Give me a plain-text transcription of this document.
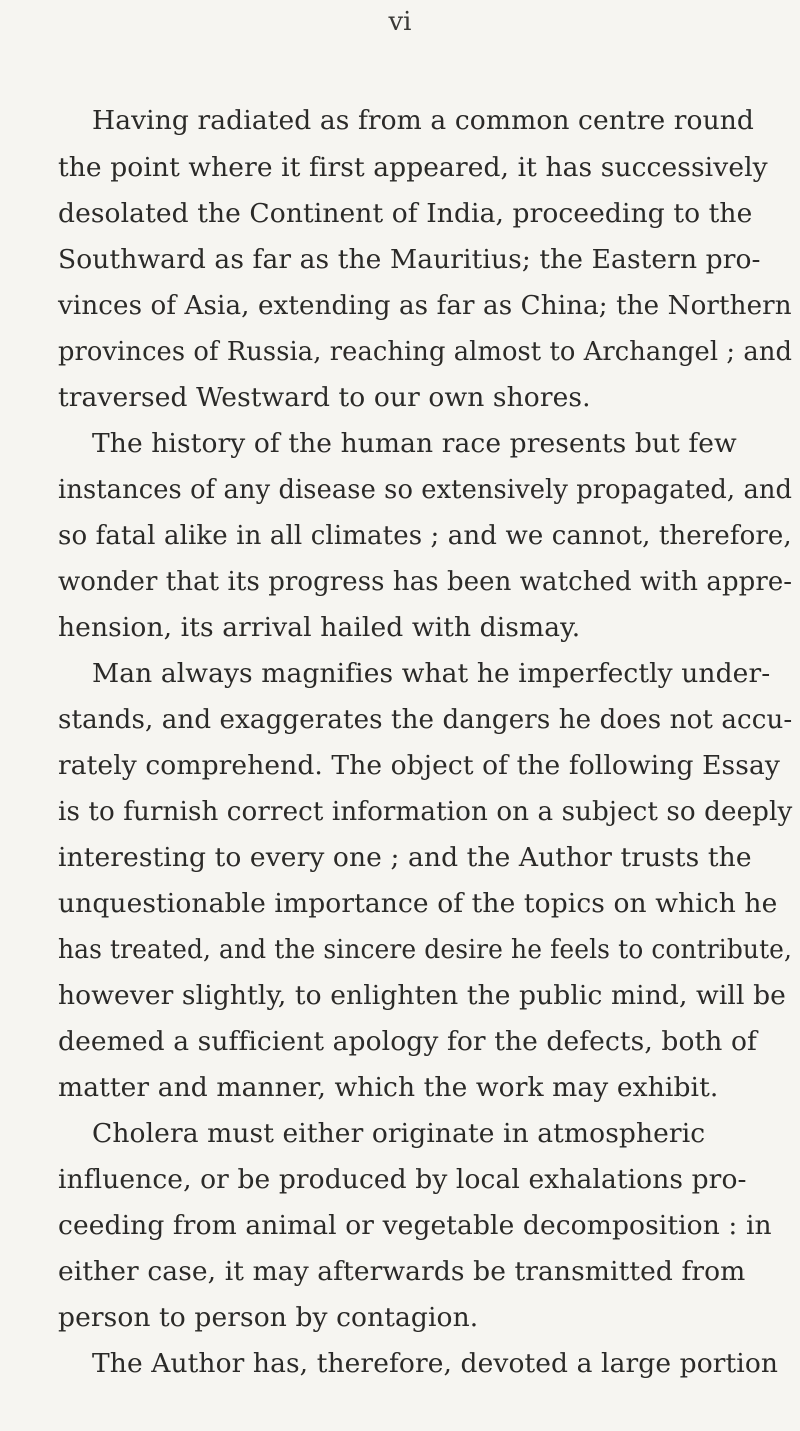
vi
Having radiated as from a common centre round
the point where it first appeared, it has successively
desolated the Continent of India, proceeding to the
Southward as far as the Mauritius; the Eastern pro-
vinces of Asia, extending as far as China; the Northern
provinces of Russia, reaching almost to Archangel ; and
traversed Westward to our own shores.
The history of the human race presents but few
instances of any disease so extensively propagated, and
so fatal alike in all climates ; and we cannot, therefore,
wonder that its progress has been watched with appre-
hension, its arrival hailed with dismay.
Man always magnifies what he imperfectly under-
stands, and exaggerates the dangers he does not accu-
rately comprehend. The object of the following Essay
is to furnish correct information on a subject so deeply
interesting to every one ; and the Author trusts the
unquestionable importance of the topics on which he
has treated, and the sincere desire he feels to contribute,
however slightly, to enlighten the public mind, will be
deemed a sufficient apology for the defects, both of
matter and manner, which the work may exhibit.
Cholera must either originate in atmospheric
influence, or be produced by local exhalations pro-
ceeding from animal or vegetable decomposition : in
either case, it may afterwards be transmitted from
person to person by contagion.
The Author has, therefore, devoted a large portion
